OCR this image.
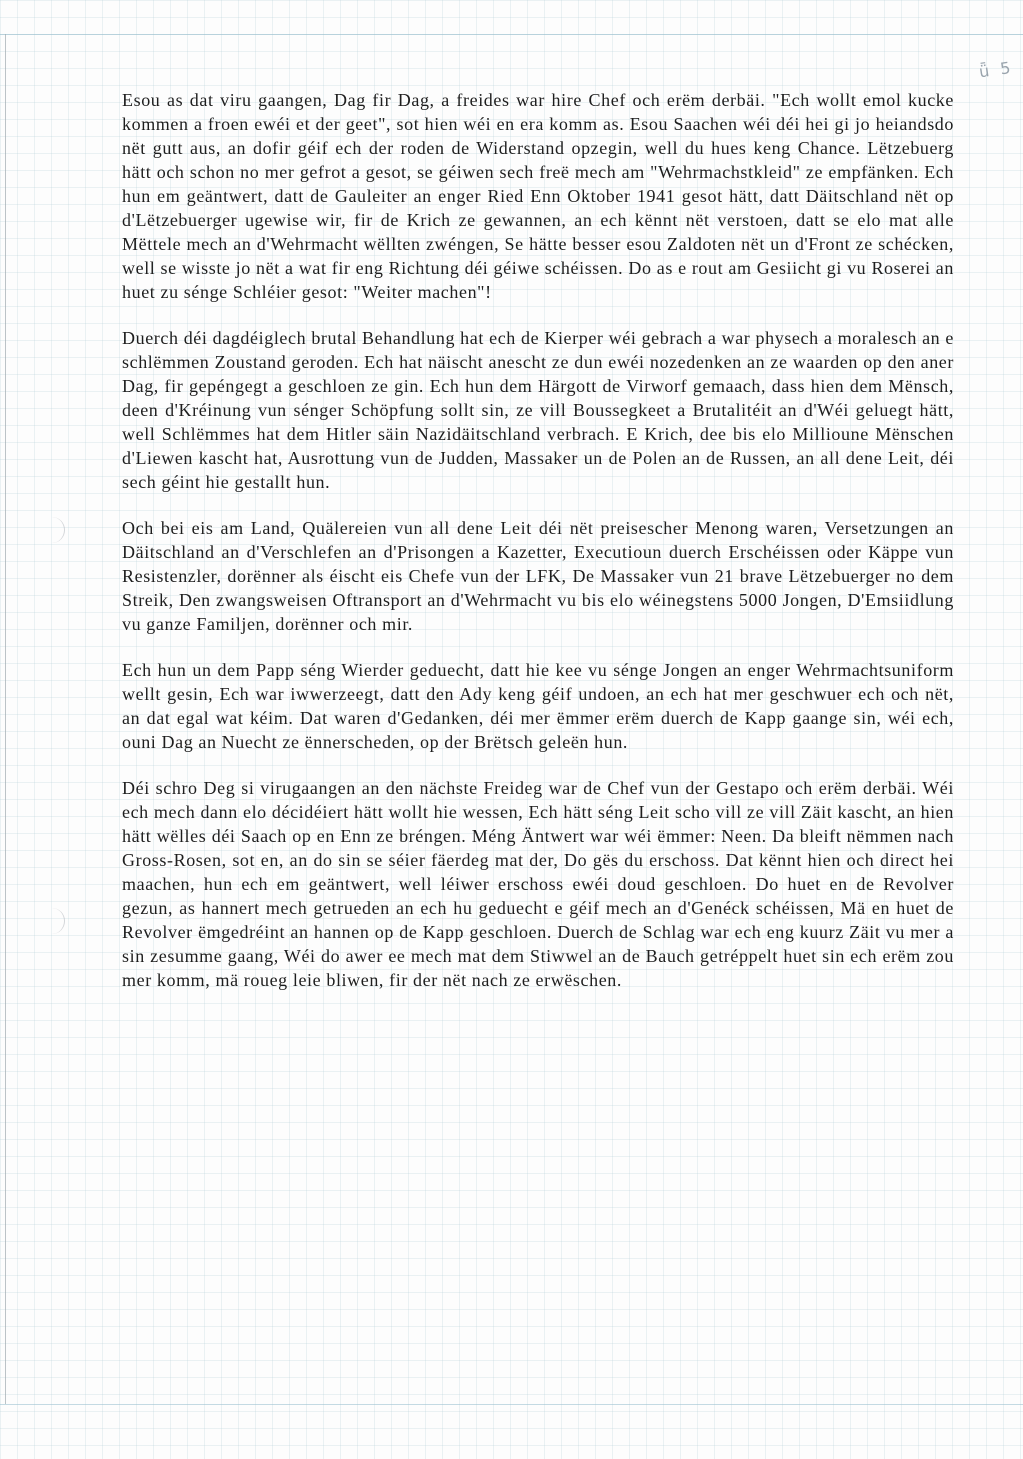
ǖ 5

Esou as dat viru gaangen, Dag fir Dag, a freides war hire Chef och erëm derbäi. "Ech wollt emol kucke kommen a froen ewéi et der geet", sot hien wéi en era komm as. Esou Saachen wéi déi hei gi jo heiandsdo nët gutt aus, an dofir géif ech der roden de Widerstand opzegin, well du hues keng Chance. Lëtzebuerg hätt och schon no mer gefrot a gesot, se géiwen sech freë mech am "Wehrmachstkleid" ze empfänken. Ech hun em geäntwert, datt de Gauleiter an enger Ried Enn Oktober 1941 gesot hätt, datt Däitschland nët op d'Lëtzebuerger ugewise wir, fir de Krich ze gewannen, an ech kënnt nët verstoen, datt se elo mat alle Mëttele mech an d'Wehrmacht wëllten zwéngen, Se hätte besser esou Zaldoten nët un d'Front ze schécken, well se wisste jo nët a wat fir eng Richtung déi géiwe schéissen. Do as e rout am Gesiicht gi vu Roserei an huet zu sénge Schléier gesot: "Weiter machen"!

Duerch déi dagdéiglech brutal Behandlung hat ech de Kierper wéi gebrach a war physech a moralesch an e schlëmmen Zoustand geroden. Ech hat näischt anescht ze dun ewéi nozedenken an ze waarden op den aner Dag, fir gepéngegt a geschloen ze gin. Ech hun dem Härgott de Virworf gemaach, dass hien dem Mënsch, deen d'Kréinung vun sénger Schöpfung sollt sin, ze vill Boussegkeet a Brutalitéit an d'Wéi geluegt hätt, well Schlëmmes hat dem Hitler säin Nazidäitschland verbrach. E Krich, dee bis elo Millioune Mënschen d'Liewen kascht hat, Ausrottung vun de Judden, Massaker un de Polen an de Russen, an all dene Leit, déi sech géint hie gestallt hun.

Och bei eis am Land, Quälereien vun all dene Leit déi nët preisescher Menong waren, Versetzungen an Däitschland an d'Verschlefen an d'Prisongen a Kazetter, Executioun duerch Erschéissen oder Käppe vun Resistenzler, dorënner als éischt eis Chefe vun der LFK, De Massaker vun 21 brave Lëtzebuerger no dem Streik, Den zwangsweisen Oftransport an d'Wehrmacht vu bis elo wéinegstens 5000 Jongen, D'Emsiidlung vu ganze Familjen, dorënner och mir.

Ech hun un dem Papp séng Wierder geduecht, datt hie kee vu sénge Jongen an enger Wehrmachtsuniform wellt gesin, Ech war iwwerzeegt, datt den Ady keng géif undoen, an ech hat mer geschwuer ech och nët, an dat egal wat kéim. Dat waren d'Gedanken, déi mer ëmmer erëm duerch de Kapp gaange sin, wéi ech, ouni Dag an Nuecht ze ënnerscheden, op der Brëtsch geleën hun.

Déi schro Deg si virugaangen an den nächste Freideg war de Chef vun der Gestapo och erëm derbäi. Wéi ech mech dann elo décidéiert hätt wollt hie wessen, Ech hätt séng Leit scho vill ze vill Zäit kascht, an hien hätt wëlles déi Saach op en Enn ze bréngen. Méng Äntwert war wéi ëmmer: Neen. Da bleift nëmmen nach Gross-Rosen, sot en, an do sin se séier fäerdeg mat der, Do gës du erschoss. Dat kënnt hien och direct hei maachen, hun ech em geäntwert, well léiwer erschoss ewéi doud geschloen. Do huet en de Revolver gezun, as hannert mech getrueden an ech hu geduecht e géif mech an d'Genéck schéissen, Mä en huet de Revolver ëmgedréint an hannen op de Kapp geschloen. Duerch de Schlag war ech eng kuurz Zäit vu mer a sin zesumme gaang, Wéi do awer ee mech mat dem Stiwwel an de Bauch getréppelt huet sin ech erëm zou mer komm, mä roueg leie bliwen, fir der nët nach ze erwëschen.
